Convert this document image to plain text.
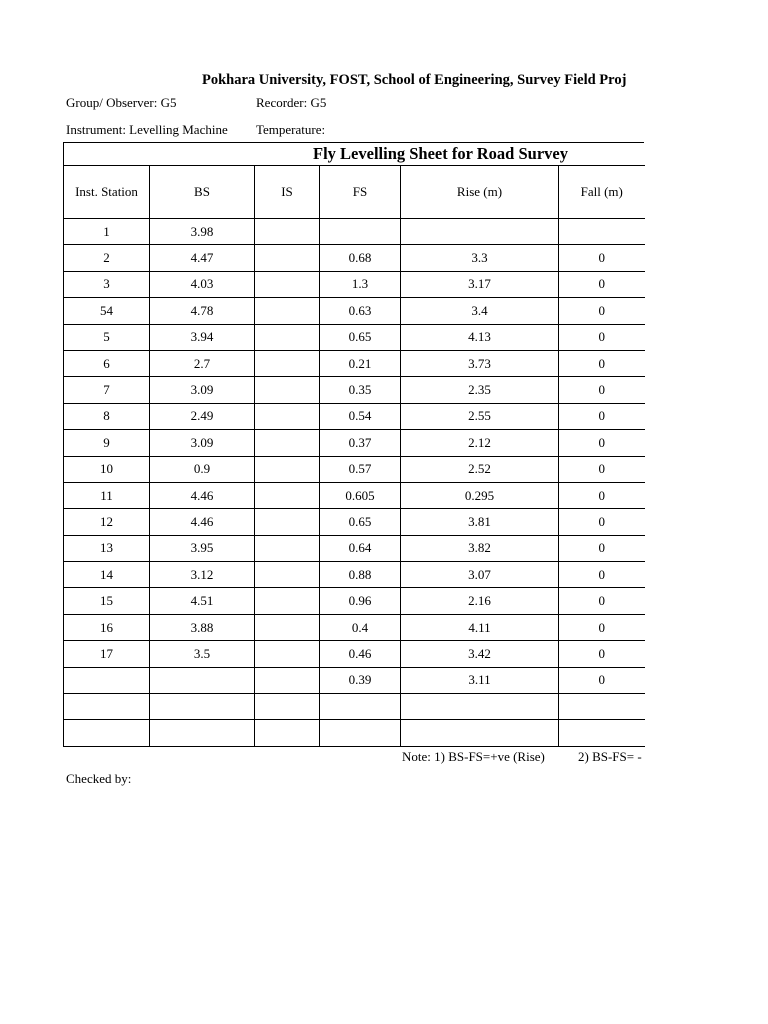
Pokhara University, FOST, School of Engineering, Survey Field Proj
Group/ Observer: G5	Recorder: G5
Instrument: Levelling Machine Temperature:
Fly Levelling Sheet for Road Survey
Inst. Station	BS	IS	FS	Rise (m)	Fall (m)
1	3.98				
2	4.47		0.68	3.3	0
3	4.03		1.3	3.17	0
54	4.78		0.63	3.4	0
5	3.94		0.65	4.13	0
6	2.7		0.21	3.73	0
7	3.09		0.35	2.35	0
8	2.49		0.54	2.55	0
9	3.09		0.37	2.12	0
10	0.9		0.57	2.52	0
11	4.46		0.605	0.295	0
12	4.46		0.65	3.81	0
13	3.95		0.64	3.82	0
14	3.12		0.88	3.07	0
15	4.51		0.96	2.16	0
16	3.88		0.4	4.11	0
17	3.5		0.46	3.42	0
			0.39	3.11	0

Note: 1) BS-FS=+ve (Rise)	2) BS-FS= -
Checked by:
